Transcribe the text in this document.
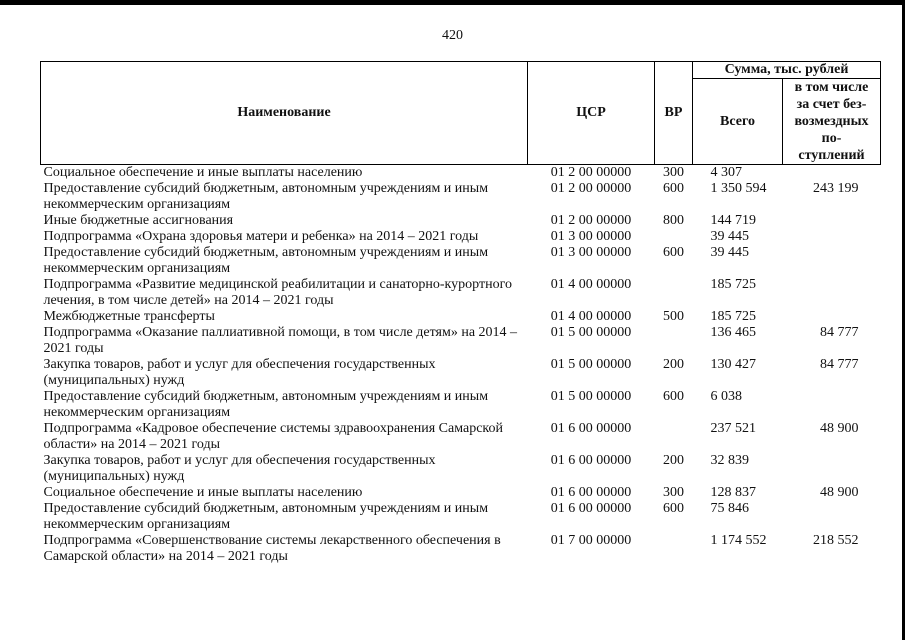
420
Наименование	ЦСР	ВР	Сумма, тыс. рублей	
			Всего	в том числе
за счет без-
возмездных
по-
ступлений
Социальное обеспечение и иные выплаты населению	01 2 00 00000	300	4 307	
Предоставление субсидий бюджетным, автономным учреждениям и иным некоммерческим организациям	01 2 00 00000	600	1 350 594	243 199
Иные бюджетные ассигнования	01 2 00 00000	800	144 719	
Подпрограмма «Охрана здоровья матери и ребенка» на 2014 – 2021 годы	01 3 00 00000		39 445	
Предоставление субсидий бюджетным, автономным учреждениям и иным некоммерческим организациям	01 3 00 00000	600	39 445	
Подпрограмма «Развитие медицинской реабилитации и санаторно-курортного лечения, в том числе детей» на 2014 – 2021 годы	01 4 00 00000		185 725	
Межбюджетные трансферты	01 4 00 00000	500	185 725	
Подпрограмма «Оказание паллиативной помощи, в том числе детям» на 2014 – 2021 годы	01 5 00 00000		136 465	84 777
Закупка товаров, работ и услуг для обеспечения государственных (муниципальных) нужд	01 5 00 00000	200	130 427	84 777
Предоставление субсидий бюджетным, автономным учреждениям и иным некоммерческим организациям	01 5 00 00000	600	6 038	
Подпрограмма «Кадровое обеспечение системы здравоохранения Самарской области» на 2014 – 2021 годы	01 6 00 00000		237 521	48 900
Закупка товаров, работ и услуг для обеспечения государственных (муниципальных) нужд	01 6 00 00000	200	32 839	
Социальное обеспечение и иные выплаты населению	01 6 00 00000	300	128 837	48 900
Предоставление субсидий бюджетным, автономным учреждениям и иным некоммерческим организациям	01 6 00 00000	600	75 846	
Подпрограмма «Совершенствование системы лекарственного обеспечения в Самарской области» на 2014 – 2021 годы	01 7 00 00000		1 174 552	218 552
